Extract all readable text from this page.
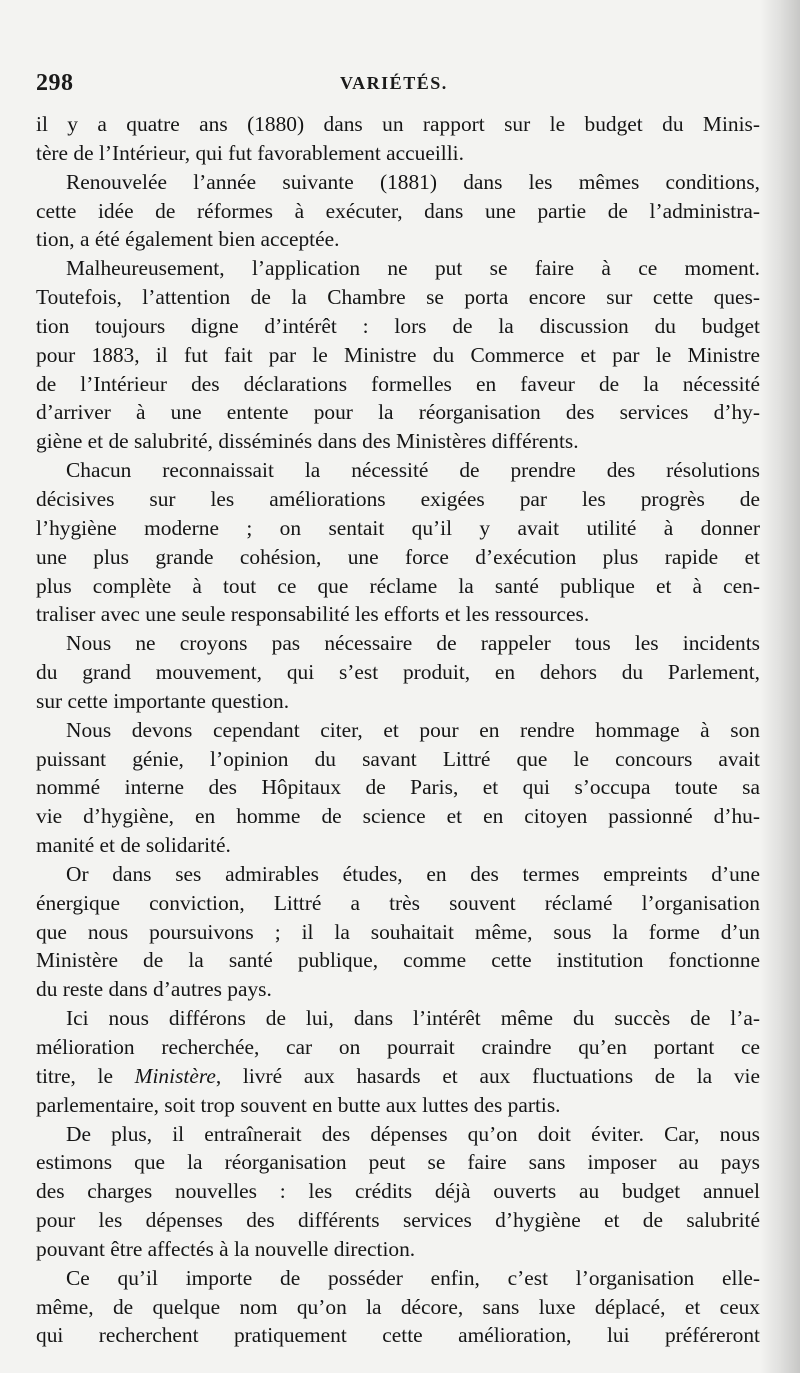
298	VARIÉTÉS.
il y a quatre ans (1880) dans un rapport sur le budget du Minis-
tère de l’Intérieur, qui fut favorablement accueilli.
Renouvelée l’année suivante (1881) dans les mêmes conditions,
cette idée de réformes à exécuter, dans une partie de l’administra-
tion, a été également bien acceptée.
Malheureusement, l’application ne put se faire à ce moment.
Toutefois, l’attention de la Chambre se porta encore sur cette ques-
tion toujours digne d’intérêt : lors de la discussion du budget
pour 1883, il fut fait par le Ministre du Commerce et par le Ministre
de l’Intérieur des déclarations formelles en faveur de la nécessité
d’arriver à une entente pour la réorganisation des services d’hy-
giène et de salubrité, disséminés dans des Ministères différents.
Chacun reconnaissait la nécessité de prendre des résolutions
décisives sur les améliorations exigées par les progrès de
l’hygiène moderne ; on sentait qu’il y avait utilité à donner
une plus grande cohésion, une force d’exécution plus rapide et
plus complète à tout ce que réclame la santé publique et à cen-
traliser avec une seule responsabilité les efforts et les ressources.
Nous ne croyons pas nécessaire de rappeler tous les incidents
du grand mouvement, qui s’est produit, en dehors du Parlement,
sur cette importante question.
Nous devons cependant citer, et pour en rendre hommage à son
puissant génie, l’opinion du savant Littré que le concours avait
nommé interne des Hôpitaux de Paris, et qui s’occupa toute sa
vie d’hygiène, en homme de science et en citoyen passionné d’hu-
manité et de solidarité.
Or dans ses admirables études, en des termes empreints d’une
énergique conviction, Littré a très souvent réclamé l’organisation
que nous poursuivons ; il la souhaitait même, sous la forme d’un
Ministère de la santé publique, comme cette institution fonctionne
du reste dans d’autres pays.
Ici nous différons de lui, dans l’intérêt même du succès de l’a-
mélioration recherchée, car on pourrait craindre qu’en portant ce
titre, le Ministère, livré aux hasards et aux fluctuations de la vie
parlementaire, soit trop souvent en butte aux luttes des partis.
De plus, il entraînerait des dépenses qu’on doit éviter. Car, nous
estimons que la réorganisation peut se faire sans imposer au pays
des charges nouvelles : les crédits déjà ouverts au budget annuel
pour les dépenses des différents services d’hygiène et de salubrité
pouvant être affectés à la nouvelle direction.
Ce qu’il importe de posséder enfin, c’est l’organisation elle-
même, de quelque nom qu’on la décore, sans luxe déplacé, et ceux
qui recherchent pratiquement cette amélioration, lui préféreront
